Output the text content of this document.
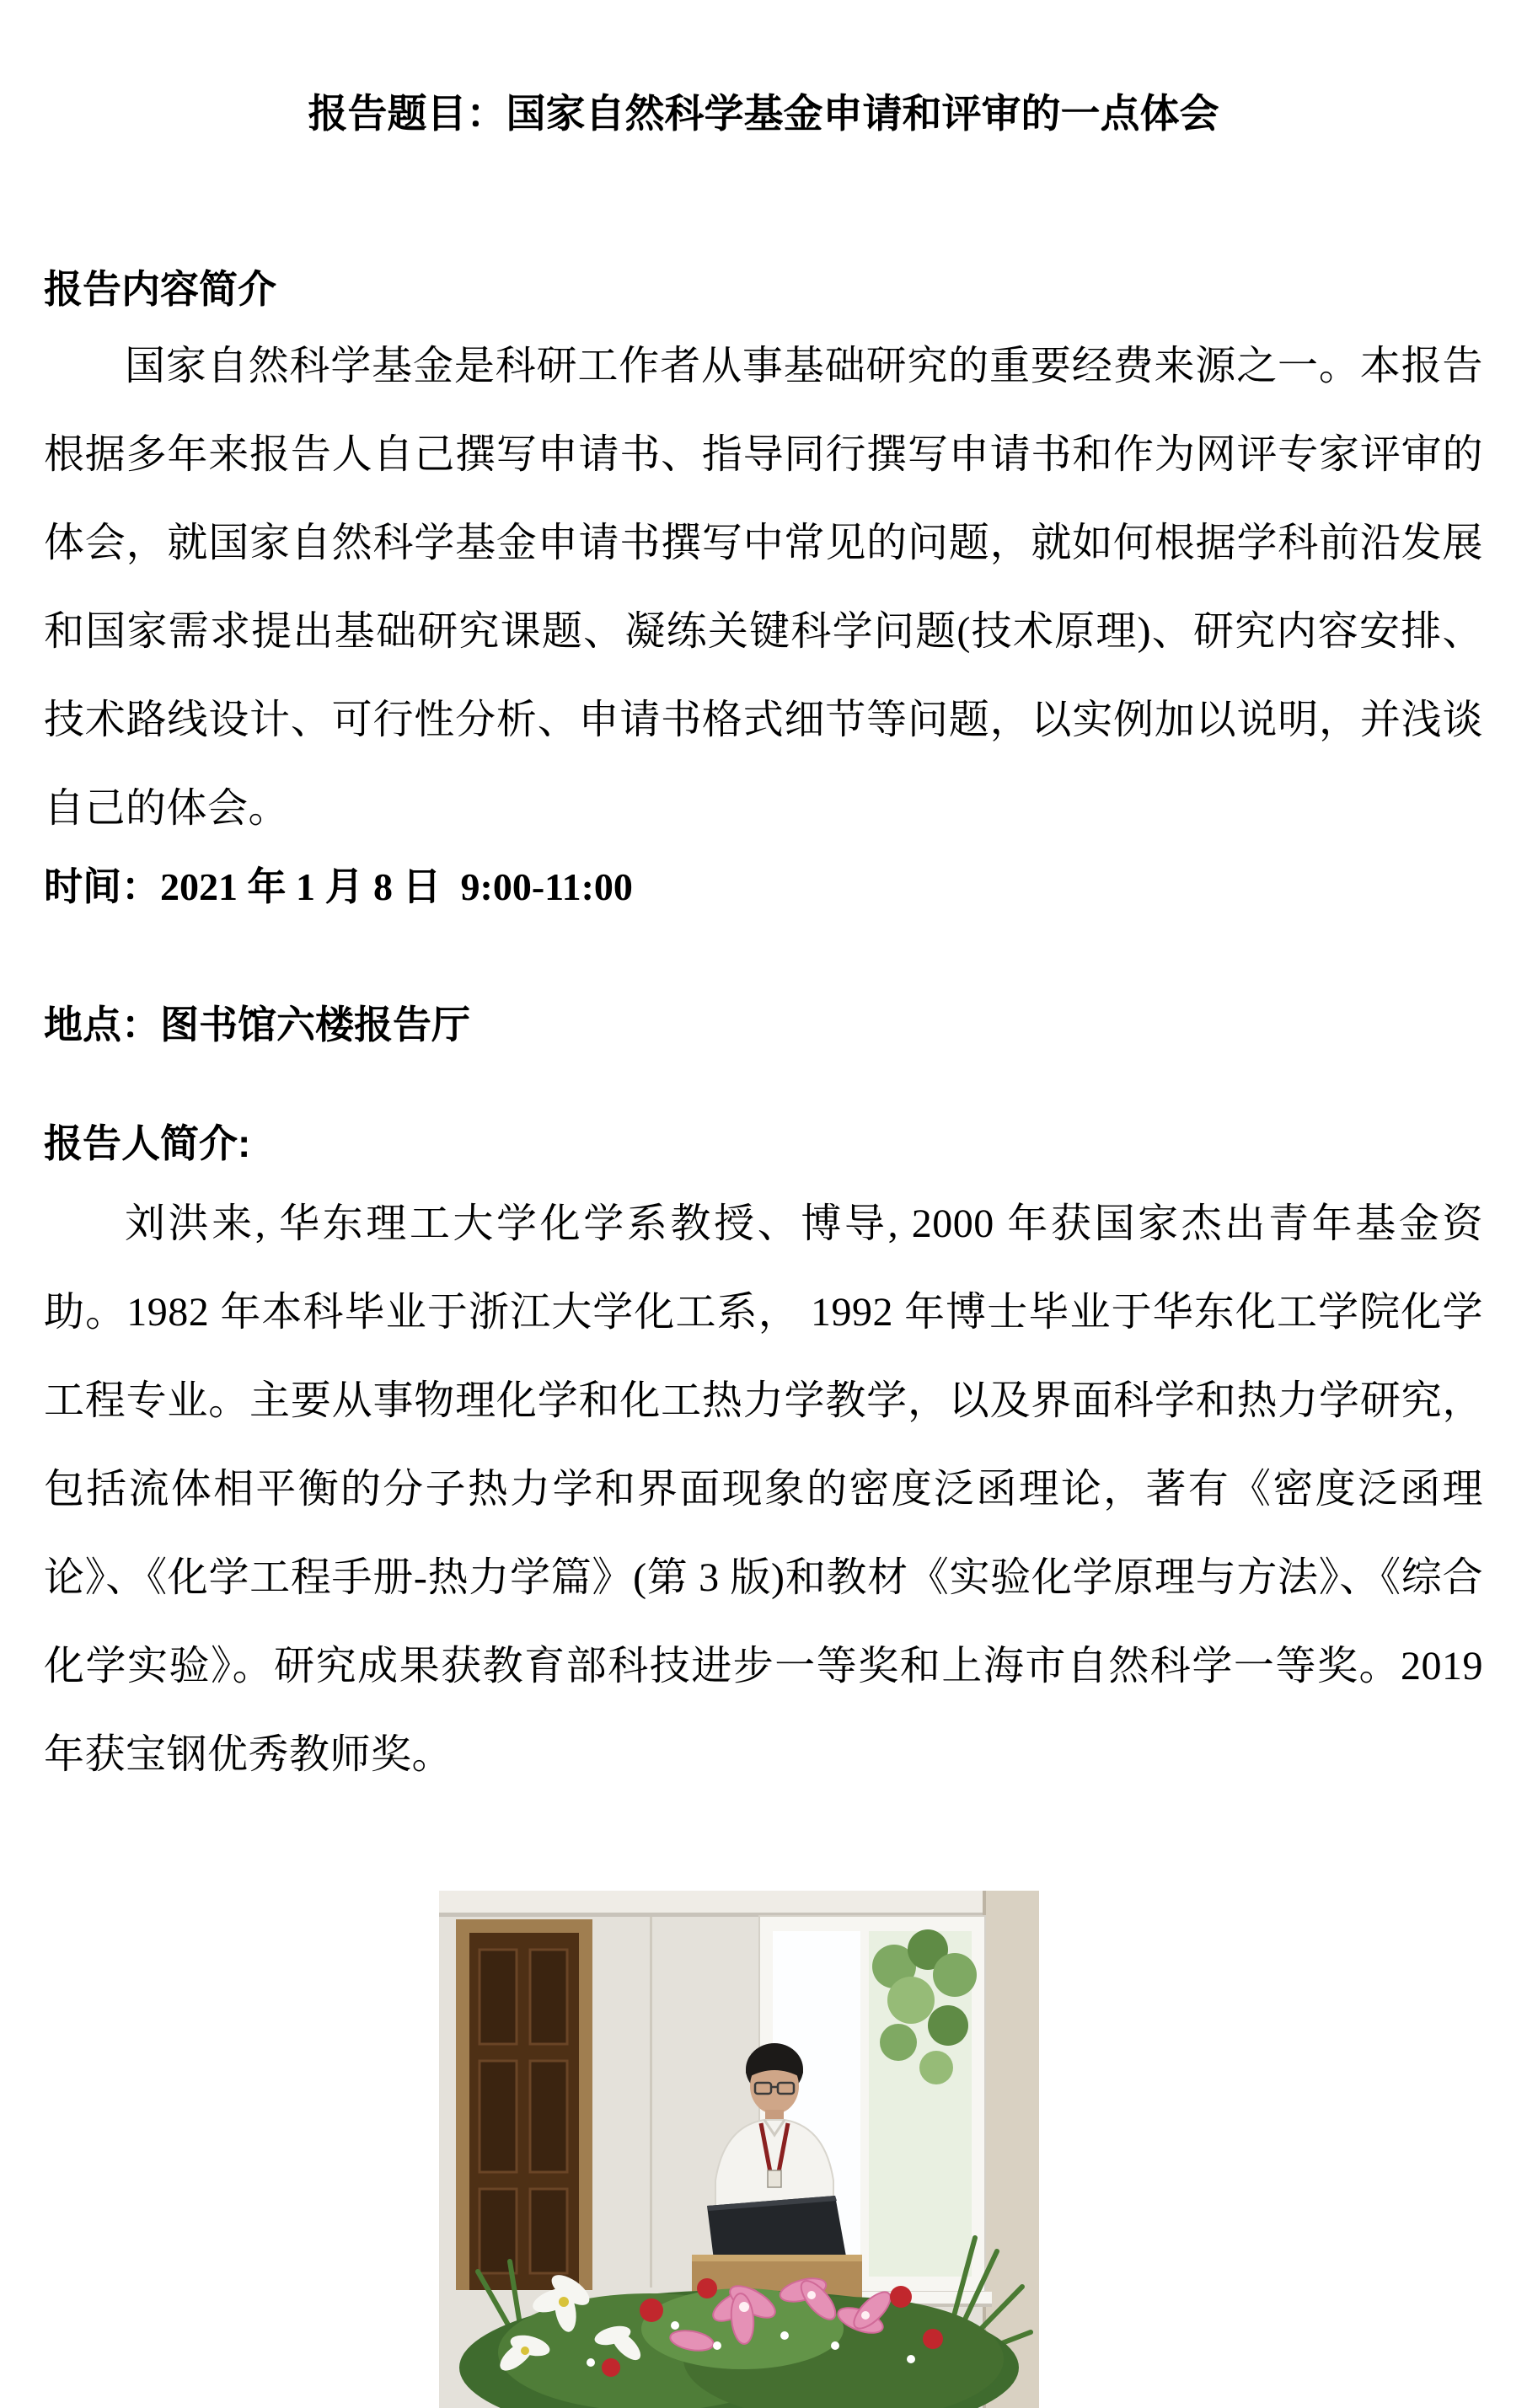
报告题目：国家自然科学基金申请和评审的一点体会
报告内容简介
国家自然科学基金是科研工作者从事基础研究的重要经费来源之一。本报告根据多年来报告人自己撰写申请书、指导同行撰写申请书和作为网评专家评审的体会，就国家自然科学基金申请书撰写中常见的问题，就如何根据学科前沿发展和国家需求提出基础研究课题、凝练关键科学问题(技术原理)、研究内容安排、技术路线设计、可行性分析、申请书格式细节等问题，以实例加以说明，并浅谈自己的体会。
时间：2021 年 1 月 8 日  9:00-11:00
地点：图书馆六楼报告厅
报告人简介:
刘洪来, 华东理工大学化学系教授、博导, 2000 年获国家杰出青年基金资助。1982 年本科毕业于浙江大学化工系， 1992 年博士毕业于华东化工学院化学工程专业。主要从事物理化学和化工热力学教学，以及界面科学和热力学研究，包括流体相平衡的分子热力学和界面现象的密度泛函理论，著有《密度泛函理论》、《化学工程手册-热力学篇》(第 3 版)和教材《实验化学原理与方法》、《综合化学实验》。研究成果获教育部科技进步一等奖和上海市自然科学一等奖。2019 年获宝钢优秀教师奖。
